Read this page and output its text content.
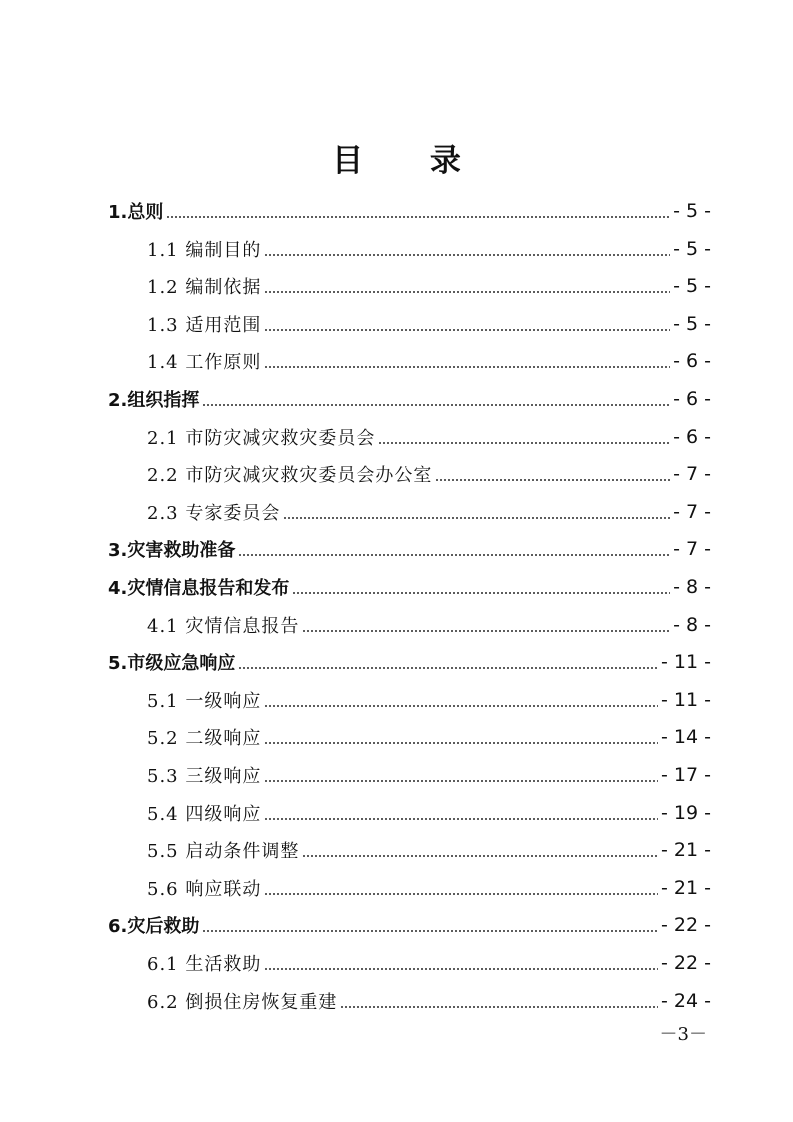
目 录
1.总则	- 5 -
1.1 编制目的	- 5 -
1.2 编制依据	- 5 -
1.3 适用范围	- 5 -
1.4 工作原则	- 6 -
2.组织指挥	- 6 -
2.1 市防灾减灾救灾委员会	- 6 -
2.2 市防灾减灾救灾委员会办公室	- 7 -
2.3 专家委员会	- 7 -
3.灾害救助准备	- 7 -
4.灾情信息报告和发布	- 8 -
4.1 灾情信息报告	- 8 -
5.市级应急响应	- 11 -
5.1 一级响应	- 11 -
5.2 二级响应	- 14 -
5.3 三级响应	- 17 -
5.4 四级响应	- 19 -
5.5 启动条件调整	- 21 -
5.6 响应联动	- 21 -
6.灾后救助	- 22 -
6.1 生活救助	- 22 -
6.2 倒损住房恢复重建	- 24 -
－3－
